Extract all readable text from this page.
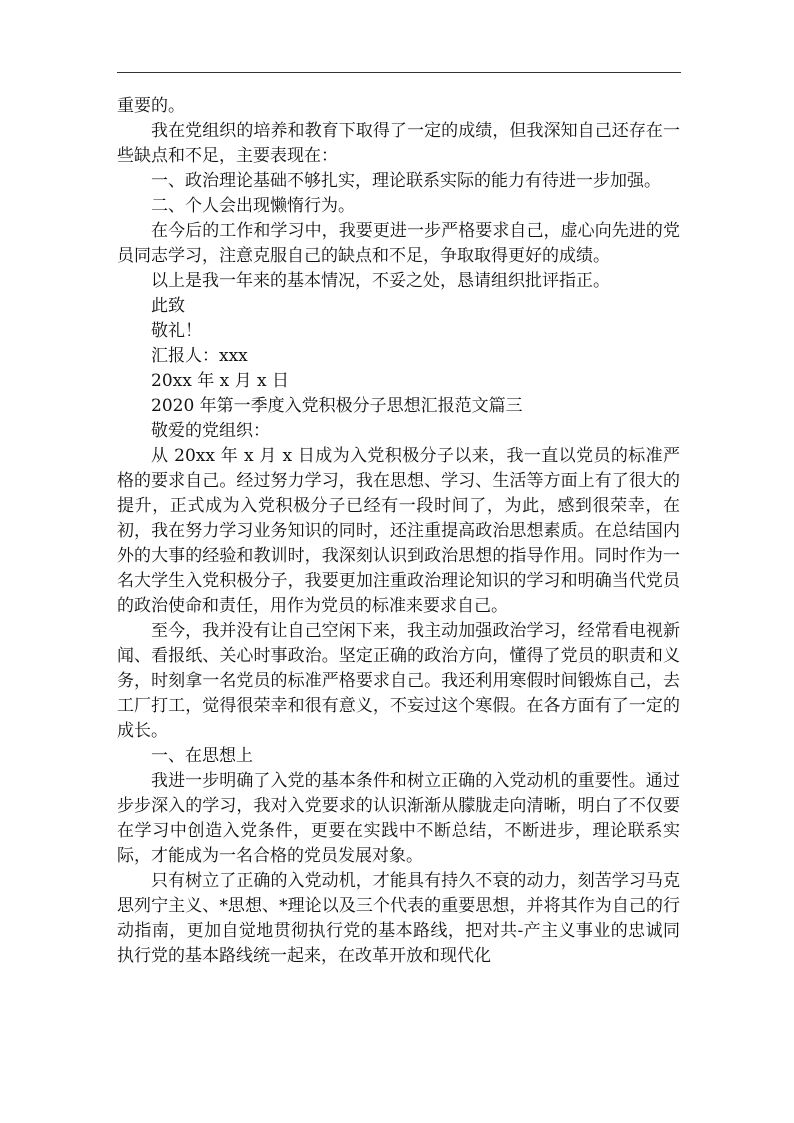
重要的。

我在党组织的培养和教育下取得了一定的成绩，但我深知自己还存在一些缺点和不足，主要表现在：

一、政治理论基础不够扎实，理论联系实际的能力有待进一步加强。

二、个人会出现懒惰行为。

在今后的工作和学习中，我要更进一步严格要求自己，虚心向先进的党员同志学习，注意克服自己的缺点和不足，争取取得更好的成绩。

以上是我一年来的基本情况，不妥之处，恳请组织批评指正。

此致

敬礼！

汇报人：xxx

20xx 年 x 月 x 日

2020 年第一季度入党积极分子思想汇报范文篇三

敬爱的党组织：

从 20xx 年 x 月 x 日成为入党积极分子以来，我一直以党员的标准严格的要求自己。经过努力学习，我在思想、学习、生活等方面上有了很大的提升，正式成为入党积极分子已经有一段时间了，为此，感到很荣幸，在初，我在努力学习业务知识的同时，还注重提高政治思想素质。在总结国内外的大事的经验和教训时，我深刻认识到政治思想的指导作用。同时作为一名大学生入党积极分子，我要更加注重政治理论知识的学习和明确当代党员的政治使命和责任，用作为党员的标准来要求自己。

至今，我并没有让自己空闲下来，我主动加强政治学习，经常看电视新闻、看报纸、关心时事政治。坚定正确的政治方向，懂得了党员的职责和义务，时刻拿一名党员的标准严格要求自己。我还利用寒假时间锻炼自己，去工厂打工，觉得很荣幸和很有意义，不妄过这个寒假。在各方面有了一定的成长。

一、在思想上

我进一步明确了入党的基本条件和树立正确的入党动机的重要性。通过步步深入的学习，我对入党要求的认识渐渐从朦胧走向清晰，明白了不仅要在学习中创造入党条件，更要在实践中不断总结，不断进步，理论联系实际，才能成为一名合格的党员发展对象。

只有树立了正确的入党动机，才能具有持久不衰的动力，刻苦学习马克思列宁主义、*思想、*理论以及三个代表的重要思想，并将其作为自己的行动指南，更加自觉地贯彻执行党的基本路线，把对共-产主义事业的忠诚同执行党的基本路线统一起来，在改革开放和现代化
